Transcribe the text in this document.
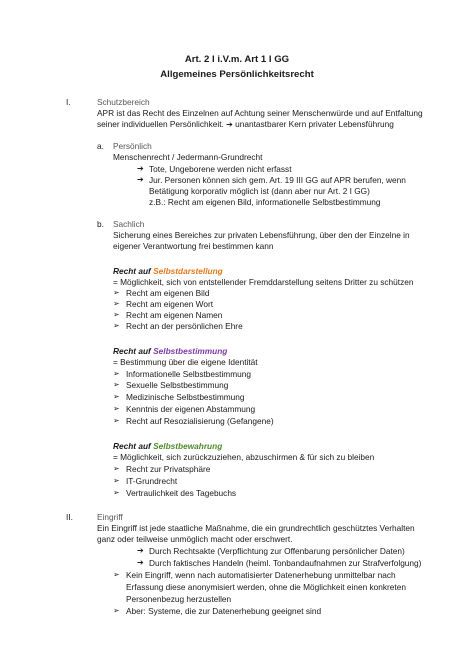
Art. 2 I i.V.m. Art 1 I GG
Allgemeines Persönlichkeitsrecht
I.	Schutzbereich
APR ist das Recht des Einzelnen auf Achtung seiner Menschenwürde und auf Entfaltung
seiner individuellen Persönlichkeit. ➔ unantastbarer Kern privater Lebensführung
a. Persönlich
Menschenrecht / Jedermann-Grundrecht
➔ Tote, Ungeborene werden nicht erfasst
➔ Jur. Personen können sich gem. Art. 19 III GG auf APR berufen, wenn
Betätigung korporativ möglich ist (dann aber nur Art. 2 I GG)
z.B.: Recht am eigenen Bild, informationelle Selbstbestimmung
b. Sachlich
Sicherung eines Bereiches zur privaten Lebensführung, über den der Einzelne in
eigener Verantwortung frei bestimmen kann
Recht auf Selbstdarstellung
= Möglichkeit, sich von entstellender Fremddarstellung seitens Dritter zu schützen
➢ Recht am eigenen Bild
➢ Recht am eigenen Wort
➢ Recht am eigenen Namen
➢ Recht an der persönlichen Ehre
Recht auf Selbstbestimmung
= Bestimmung über die eigene Identität
➢ Informationelle Selbstbestimmung
➢ Sexuelle Selbstbestimmung
➢ Medizinische Selbstbestimmung
➢ Kenntnis der eigenen Abstammung
➢ Recht auf Resozialisierung (Gefangene)
Recht auf Selbstbewahrung
= Möglichkeit, sich zurückzuziehen, abzuschirmen & für sich zu bleiben
➢ Recht zur Privatsphäre
➢ IT-Grundrecht
➢ Vertraulichkeit des Tagebuchs
II.	Eingriff
Ein Eingriff ist jede staatliche Maßnahme, die ein grundrechtlich geschütztes Verhalten
ganz oder teilweise unmöglich macht oder erschwert.
➔ Durch Rechtsakte (Verpflichtung zur Offenbarung persönlicher Daten)
➔ Durch faktisches Handeln (heiml. Tonbandaufnahmen zur Strafverfolgung)
➢ Kein Eingriff, wenn nach automatisierter Datenerhebung unmittelbar nach
Erfassung diese anonymisiert werden, ohne die Möglichkeit einen konkreten
Personenbezug herzustellen
➢ Aber: Systeme, die zur Datenerhebung geeignet sind
